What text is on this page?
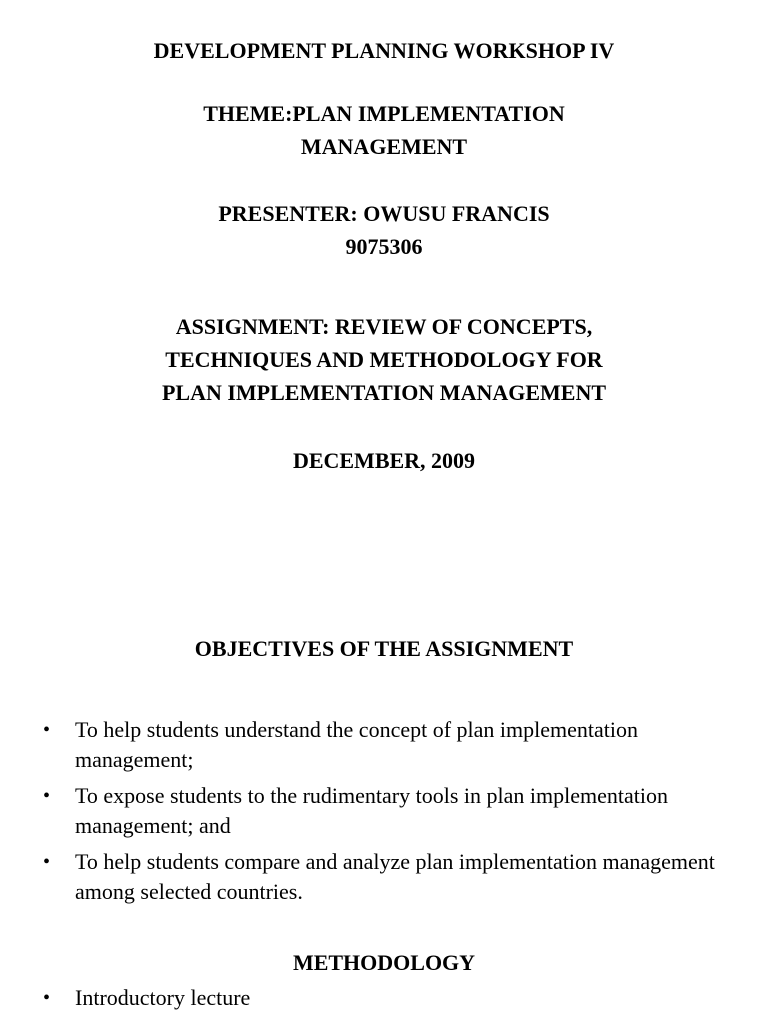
DEVELOPMENT PLANNING WORKSHOP IV
THEME:PLAN IMPLEMENTATION
MANAGEMENT
PRESENTER: OWUSU FRANCIS
9075306
ASSIGNMENT: REVIEW OF CONCEPTS,
TECHNIQUES AND METHODOLOGY FOR
PLAN IMPLEMENTATION MANAGEMENT
DECEMBER, 2009
OBJECTIVES OF THE ASSIGNMENT
• To help students understand the concept of plan implementation management;
• To expose students to the rudimentary tools in plan implementation management; and
• To help students compare and analyze plan implementation management among selected countries.
METHODOLOGY
• Introductory lecture
